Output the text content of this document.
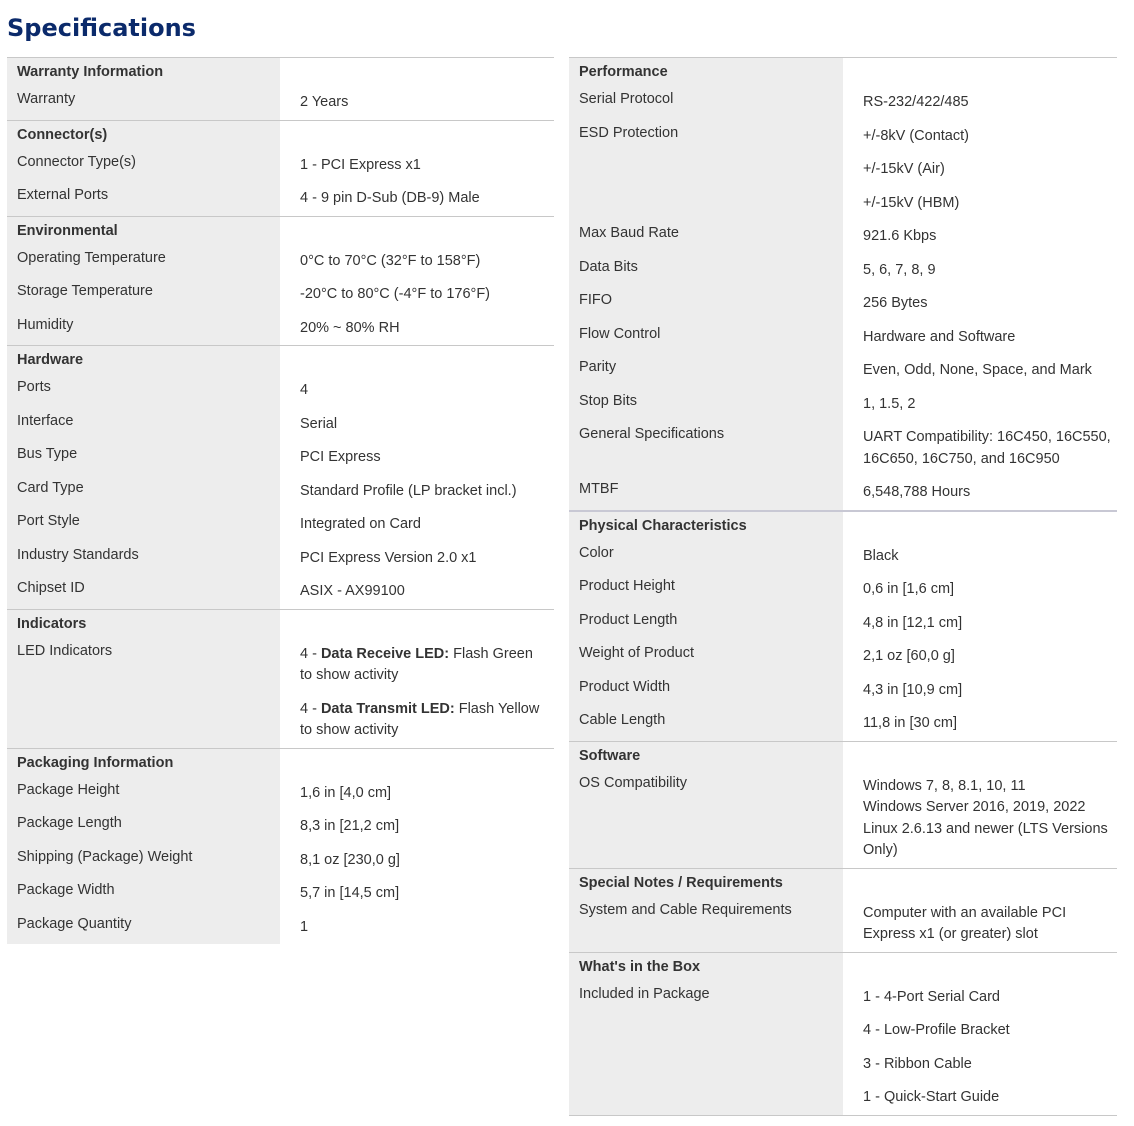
Specifications
Warranty Information
Warranty	2 Years
Connector(s)
Connector Type(s)	1 - PCI Express x1
External Ports	4 - 9 pin D-Sub (DB-9) Male
Environmental
Operating Temperature	0°C to 70°C (32°F to 158°F)
Storage Temperature	-20°C to 80°C (-4°F to 176°F)
Humidity	20% ~ 80% RH
Hardware
Ports	4
Interface	Serial
Bus Type	PCI Express
Card Type	Standard Profile (LP bracket incl.)
Port Style	Integrated on Card
Industry Standards	PCI Express Version 2.0 x1
Chipset ID	ASIX - AX99100
Indicators
LED Indicators	4 - Data Receive LED: Flash Green to show activity
4 - Data Transmit LED: Flash Yellow to show activity
Packaging Information
Package Height	1,6 in [4,0 cm]
Package Length	8,3 in [21,2 cm]
Shipping (Package) Weight	8,1 oz [230,0 g]
Package Width	5,7 in [14,5 cm]
Package Quantity	1
Performance
Serial Protocol	RS-232/422/485
ESD Protection	+/-8kV (Contact)
+/-15kV (Air)
+/-15kV (HBM)
Max Baud Rate	921.6 Kbps
Data Bits	5, 6, 7, 8, 9
FIFO	256 Bytes
Flow Control	Hardware and Software
Parity	Even, Odd, None, Space, and Mark
Stop Bits	1, 1.5, 2
General Specifications	UART Compatibility: 16C450, 16C550, 16C650, 16C750, and 16C950
MTBF	6,548,788 Hours
Physical Characteristics
Color	Black
Product Height	0,6 in [1,6 cm]
Product Length	4,8 in [12,1 cm]
Weight of Product	2,1 oz [60,0 g]
Product Width	4,3 in [10,9 cm]
Cable Length	11,8 in [30 cm]
Software
OS Compatibility	Windows 7, 8, 8.1, 10, 11
Windows Server 2016, 2019, 2022
Linux 2.6.13 and newer (LTS Versions Only)
Special Notes / Requirements
System and Cable Requirements	Computer with an available PCI Express x1 (or greater) slot
What's in the Box
Included in Package	1 - 4-Port Serial Card
4 - Low-Profile Bracket
3 - Ribbon Cable
1 - Quick-Start Guide
